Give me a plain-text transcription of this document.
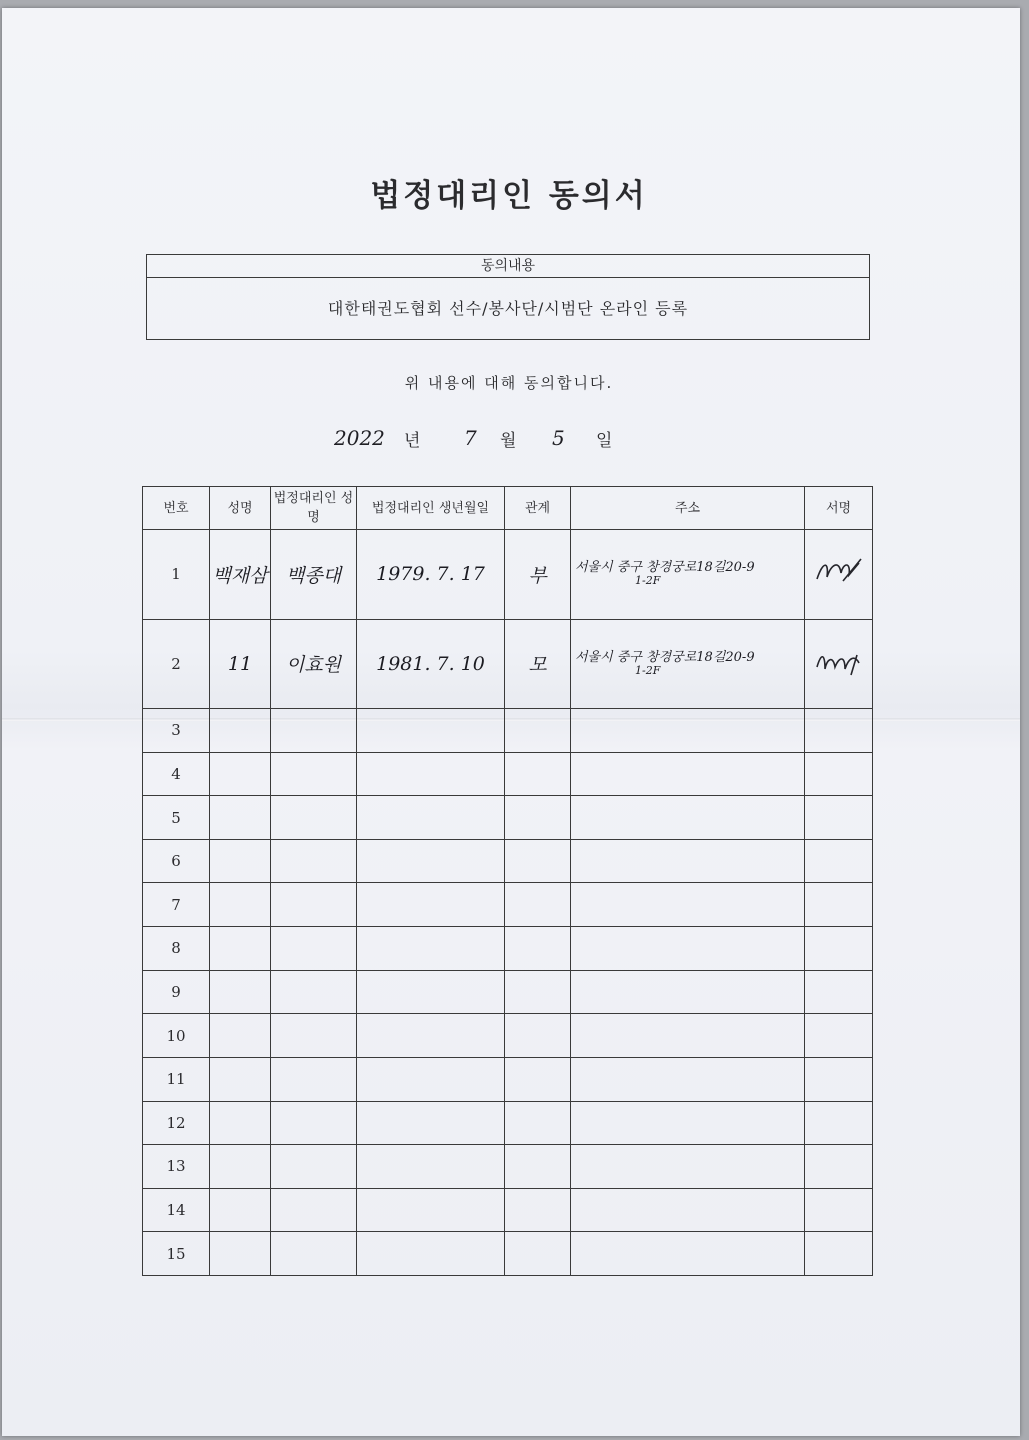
법정대리인 동의서
동의내용
대한태권도협회 선수/봉사단/시범단 온라인 등록
위 내용에 대해 동의합니다.
2022 년 7 월 5 일
번호	성명	법정대리인 성명	법정대리인 생년월일	관계	주소	서명
1	백재삼	백종대	1979. 7. 17	부	서울시 중구 창경궁로18길20-9
1-2F

2	11	이효원	1981. 7. 10	모	서울시 중구 창경궁로18길20-9
1-2F

3						
4						
5						
6						
7						
8						
9						
10						
11						
12						
13						
14						
15						
